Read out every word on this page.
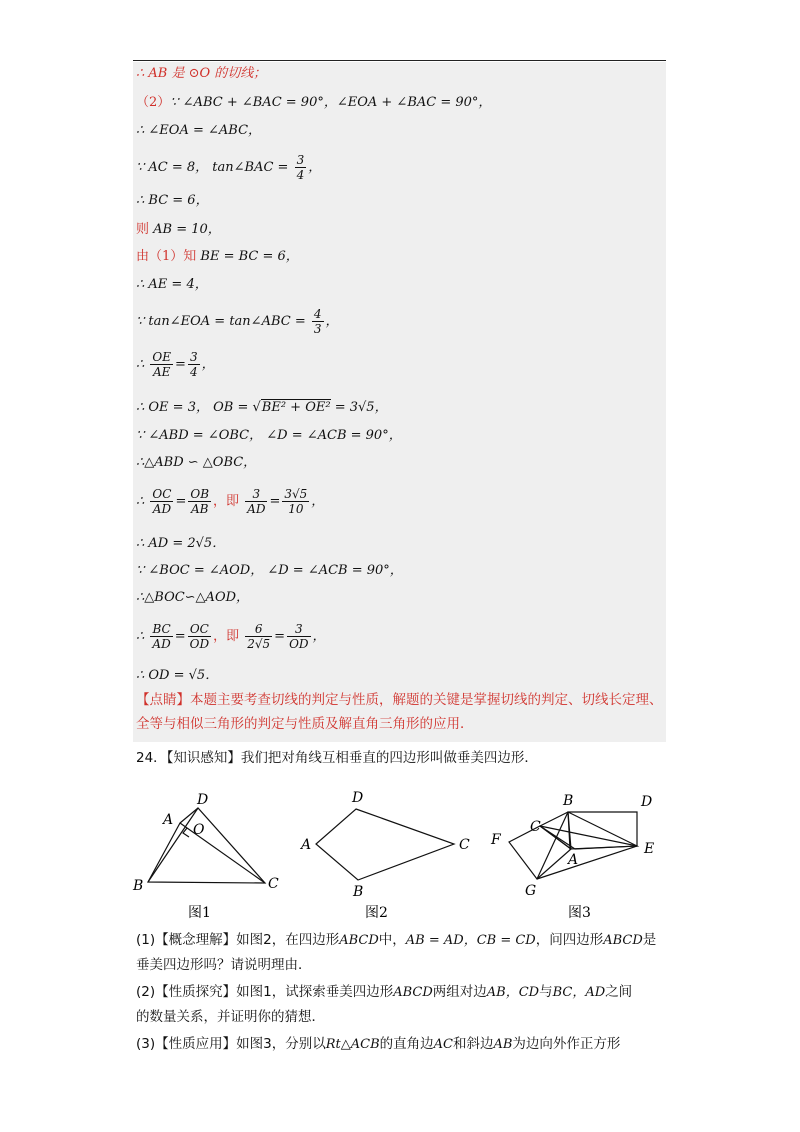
∴ AB 是 ⊙O 的切线；
（2）∵ ∠ABC + ∠BAC = 90°，∠EOA + ∠BAC = 90°，
∴ ∠EOA = ∠ABC，
∵ AC = 8， tan∠BAC = $\frac{3}{4}$ ，
∴ BC = 6，
则 AB = 10，
由（1）知 BE = BC = 6，
∴ AE = 4，
∵ tan∠EOA = tan∠ABC = $\frac{4}{3}$ ，
∴ $\frac{OE}{AE} = \frac{3}{4}$ ，
∴ OE = 3， OB = √BE² + OE² = 3√5，
∵ ∠ABD = ∠OBC， ∠D = ∠ACB = 90°，
∴△ABD ∽ △OBC，
∴ $\frac{OC}{AD} = \frac{OB}{AB}$ ，即 $\frac{3}{AD} = \frac{3√5}{10}$ ，
∴ AD = 2√5．
∵ ∠BOC = ∠AOD， ∠D = ∠ACB = 90°，
∴△BOC∽△AOD，
∴ $\frac{BC}{AD} = \frac{OC}{OD}$ ，即 $\frac{6}{2√5} = \frac{3}{OD}$ ，
∴ OD = √5．
【点睛】本题主要考查切线的判定与性质，解题的关键是掌握切线的判定、切线长定理、全等与相似三角形的判定与性质及解直角三角形的应用．
24．【知识感知】我们把对角线互相垂直的四边形叫做垂美四边形．
A
D
O
B	C
图1
D
A	C
B
图2
B	D
C
F
A
E
G
图3
(1)【概念理解】如图2，在四边形ABCD中，AB = AD，CB = CD，问四边形ABCD是
垂美四边形吗？请说明理由．
(2)【性质探究】如图1，试探索垂美四边形ABCD两组对边AB，CD与BC，AD之间
的数量关系，并证明你的猜想．
(3)【性质应用】如图3，分别以Rt△ACB的直角边AC和斜边AB为边向外作正方形
